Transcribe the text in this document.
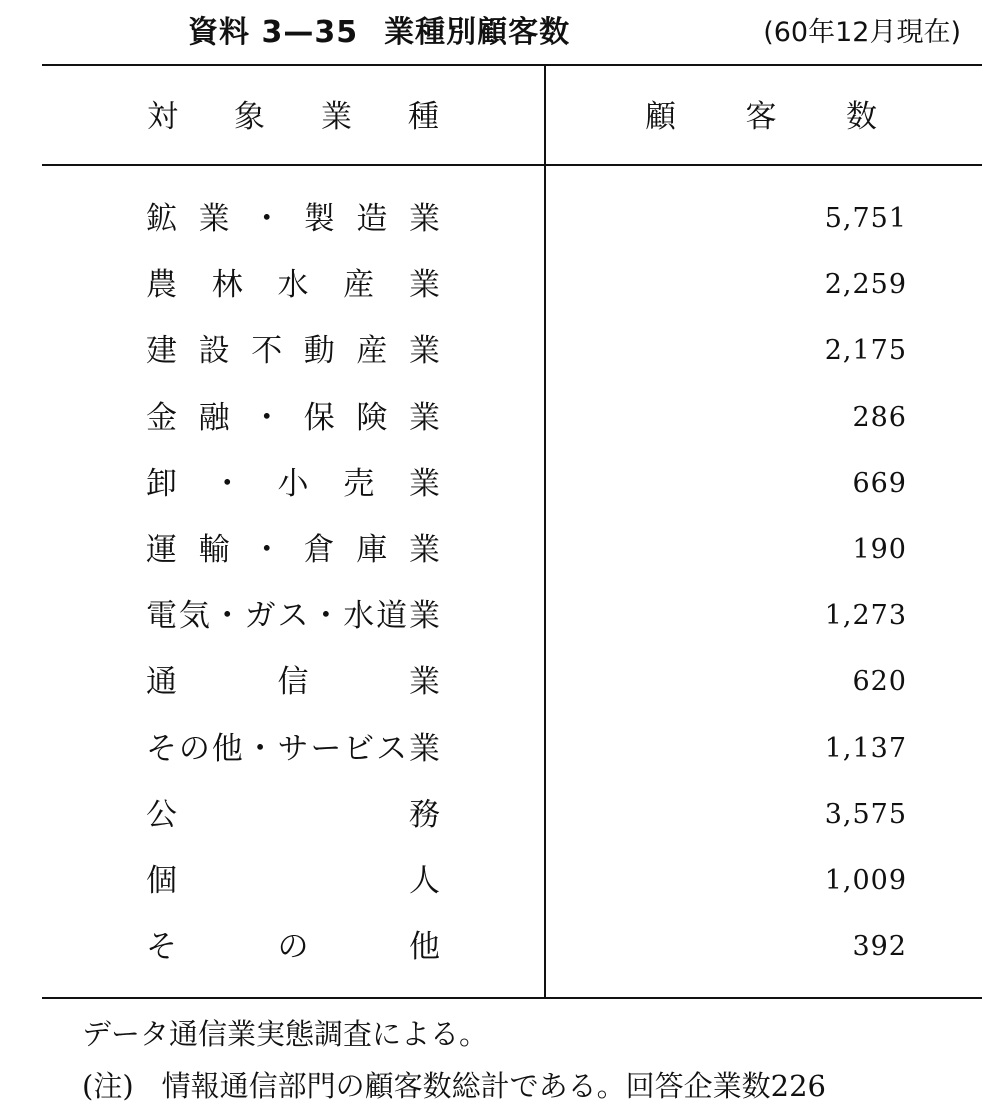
資料 3—35 業種別顧客数	(60年12月現在)
対 象 業 種	顧 客 数
鉱業・製造業	5,751
農林水産業	2,259
建設不動産業	2,175
金融・保険業	286
卸・小売業	669
運輸・倉庫業	190
電気・ガス・水道業	1,273
通信業	620
その他・サービス業	1,137
公務	3,575
個人	1,009
その他	392
データ通信業実態調査による。
(注) 情報通信部門の顧客数総計である。回答企業数226
